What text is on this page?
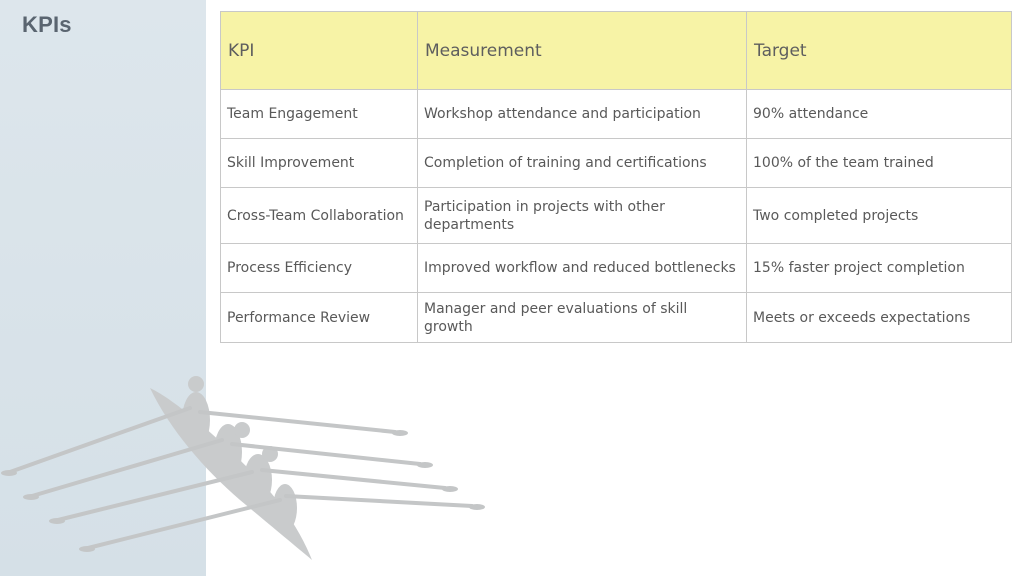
KPIs
KPI	Measurement	Target
Team Engagement	Workshop attendance and participation	90% attendance
Skill Improvement	Completion of training and certifications	100% of the team trained
Cross-Team Collaboration	Participation in projects with other departments	Two completed projects
Process Efficiency	Improved workflow and reduced bottlenecks	15% faster project completion
Performance Review	Manager and peer evaluations of skill growth	Meets or exceeds expectations
